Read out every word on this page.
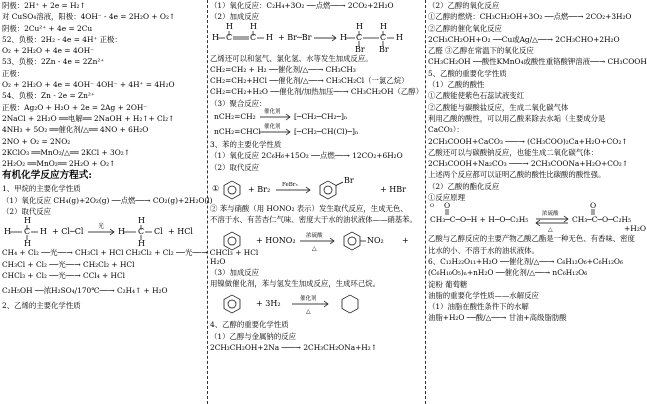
阴极：2H⁺ + 2e = H₂↑
对 CuSO₄溶液，阳极：4OH⁻ - 4e = 2H₂O + O₂↑
阴极：2Cu²⁺ + 4e = 2Cu
52、负极：2H₂ - 4e = 4H⁺ 正极：
O₂ + 2H₂O + 4e = 4OH⁻
53、负极：2Zn - 4e = 2Zn²⁺
正极：
O₂ + 2H₂O + 4e = 4OH⁻ 4OH⁻ + 4H⁺ = 4H₂O
54、负极：Zn - 2e = Zn²⁺
正极：Ag₂O + H₂O + 2e = 2Ag + 2OH⁻
2NaCl + 2H₂O ══电解══ 2NaOH + H₂↑+ Cl₂↑
4NH₃ + 5O₂ ══催化剂/△══ 4NO + 6H₂O
2NO + O₂ = 2NO₂
2KClO₃ ══MnO₂/△══ 2KCl + 3O₂↑
2H₂O₂ ══MnO₂══ 2H₂O + O₂↑
有机化学反应方程式:
1、甲烷的主要化学性质
（1）氧化反应 CH₄(g)+2O₂(g) ──点燃──→ CO₂(g)+2H₂O(l)
（2）取代反应
H
H C H
H
+ Cl─Cl
光
H
H C Cl
H
+ HCl
CH₄ + Cl₂ ──光──→ CH₃Cl + HCl CH₂Cl₂ + Cl₂ ──光──→ CHCl₃ + HCl
CH₃Cl + Cl₂ ──光──→ CH₂Cl₂ + HCl
CHCl₃ + Cl₂ ──光──→ CCl₄ + HCl
C₂H₅OH ──浓H₂SO₄/170℃──→ C₂H₄↑ + H₂O
2、乙烯的主要化学性质
（1）氧化反应：C₂H₄+3O₂ ──点燃──→ 2CO₂+2H₂O
（2）加成反应
H H
H C C H + Br─Br
H H
H C C H
Br Br
乙烯还可以和氢气、氯化氢、水等发生加成反应。
CH₂=CH₂ + H₂ ──催化剂/△──→ CH₃CH₃
CH₂=CH₂+HCl ──催化剂/△──→ CH₃CH₂Cl（一氯乙烷）
CH₂=CH₂+H₂O ──催化剂/加热加压──→ CH₃CH₂OH（乙醇）
（3）聚合反应：
nCH₂=CH₂ 催化剂 [─CH₂─CH₂─]ₙ
nCH₂=CHCl 催化剂 [─CH₂─CH(Cl)─]ₙ
3、苯的主要化学性质
（1）氧化反应 2C₆H₆+15O₂ ──点燃──→ 12CO₂+6H₂O
（2）取代反应
①	+ Br₂ FeBr₃	Br
+ HBr
② 苯与硝酸（用 HONO₂ 表示）发生取代反应，生成无色、
不溶于水、有苦杏仁气味、密度大于水的油状液体——硝基苯。
+ HONO₂ 浓硫酸
△
NO₂ +
H₂O
（3）加成反应
用镍做催化剂，苯与氢发生加成反应，生成环己烷。
+ 3H₂	催化剂
△
4、乙醇的重要化学性质
（1）乙醇与金属钠的反应
2CH₃CH₂OH+2Na ───→ 2CH₃CH₂ONa+H₂↑
（2）乙醇的氧化反应
①乙醇的燃烧：CH₃CH₂OH+3O₂ ──点燃──→ 2CO₂+3H₂O
②乙醇的催化氧化反应
2CH₃CH₂OH+O₂ ──Cu或Ag/△──→ 2CH₃CHO+2H₂O
乙醛 ③乙醇在常温下的氧化反应
CH₃CH₂OH ──酸性KMnO₄或酸性重铬酸钾溶液──→ CH₃COOH
5、乙酸的重要化学性质
（1）乙酸的酸性
①乙酸能使紫色石蕊试液变红
②乙酸能与碳酸盐反应，生成二氧化碳气体
利用乙酸的酸性，可以用乙酸来除去水垢（主要成分是
CaCO₃）：
2CH₃COOH+CaCO₃ ───→ (CH₃COO)₂Ca+H₂O+CO₂↑
乙酸还可以与碳酸钠反应，也能生成二氧化碳气体：
2CH₃COOH+Na₂CO₃ ───→ 2CH₃COONa+H₂O+CO₂↑
上述两个反应都可以证明乙酸的酸性比碳酸的酸性强。
（2）乙酸的酯化反应
①反应原理
O O
CH₃─C─O─H + H─O─C₂H₅
浓硫酸
△
O
CH₃─C─O─C₂H₅
+H₂O
乙酸与乙醇反应的主要产物乙酸乙酯是一种无色、有香味、密度
比水的小、不溶于水的油状液体。
6、C₁₂H₂₂O₁₁+H₂O ──催化剂/△──→ C₆H₁₂O₆+C₆H₁₂O₆
(C₆H₁₀O₅)ₙ+nH₂O ──催化剂/△──→ nC₆H₁₂O₆
淀粉 葡萄糖
油脂的重要化学性质——水解反应
（1）油脂在酸性条件下的水解
油脂+H₂O ──酸/△──→ 甘油+高级脂肪酸
